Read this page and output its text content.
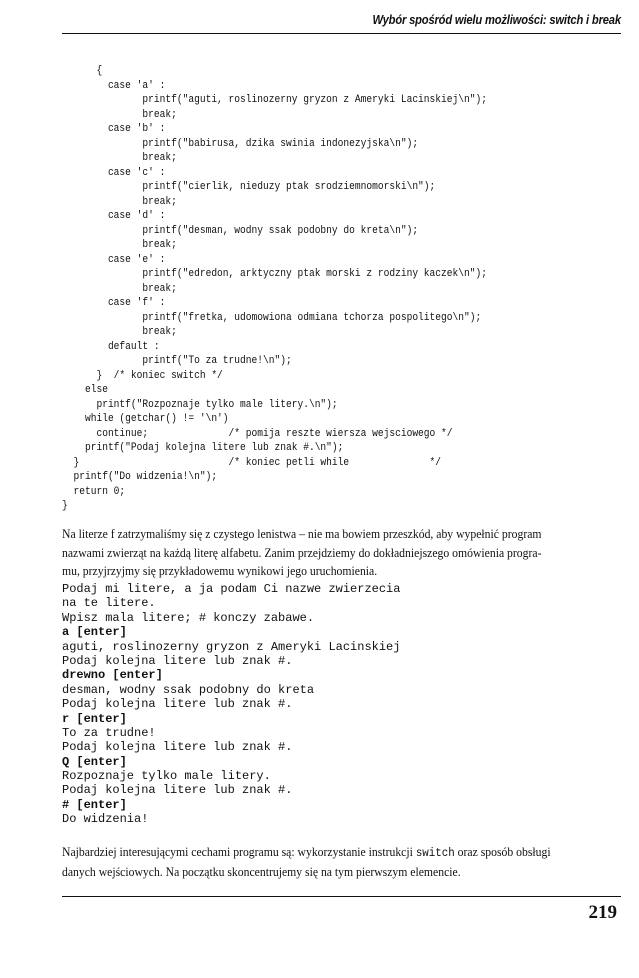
Wybór spośród wielu możliwości: switch i break
{
case 'a' :
printf("aguti, roslinozerny gryzon z Ameryki Lacinskiej\n");
break;
case 'b' :
printf("babirusa, dzika swinia indonezyjska\n");
break;
case 'c' :
printf("cierlik, nieduzy ptak srodziemnomorski\n");
break;
case 'd' :
printf("desman, wodny ssak podobny do kreta\n");
break;
case 'e' :
printf("edredon, arktyczny ptak morski z rodziny kaczek\n");
break;
case 'f' :
printf("fretka, udomowiona odmiana tchorza pospolitego\n");
break;
default :
printf("To za trudne!\n");
}  /* koniec switch */
else
printf("Rozpoznaje tylko male litery.\n");
while (getchar() != '\n')
continue;              /* pomija reszte wiersza wejsciowego */
printf("Podaj kolejna litere lub znak #.\n");
}                          /* koniec petli while              */
printf("Do widzenia!\n");
return 0;
}
Na literze f zatrzymaliśmy się z czystego lenistwa – nie ma bowiem przeszkód, aby wypełnić program
nazwami zwierząt na każdą literę alfabetu. Zanim przejdziemy do dokładniejszego omówienia progra-
mu, przyjrzyjmy się przykładowemu wynikowi jego uruchomienia.
Podaj mi litere, a ja podam Ci nazwe zwierzecia
na te litere.
Wpisz mala litere; # konczy zabawe.
a [enter]
aguti, roslinozerny gryzon z Ameryki Lacinskiej
Podaj kolejna litere lub znak #.
drewno [enter]
desman, wodny ssak podobny do kreta
Podaj kolejna litere lub znak #.
r [enter]
To za trudne!
Podaj kolejna litere lub znak #.
Q [enter]
Rozpoznaje tylko male litery.
Podaj kolejna litere lub znak #.
# [enter]
Do widzenia!
Najbardziej interesującymi cechami programu są: wykorzystanie instrukcji switch oraz sposób obsługi
danych wejściowych. Na początku skoncentrujemy się na tym pierwszym elemencie.
219
